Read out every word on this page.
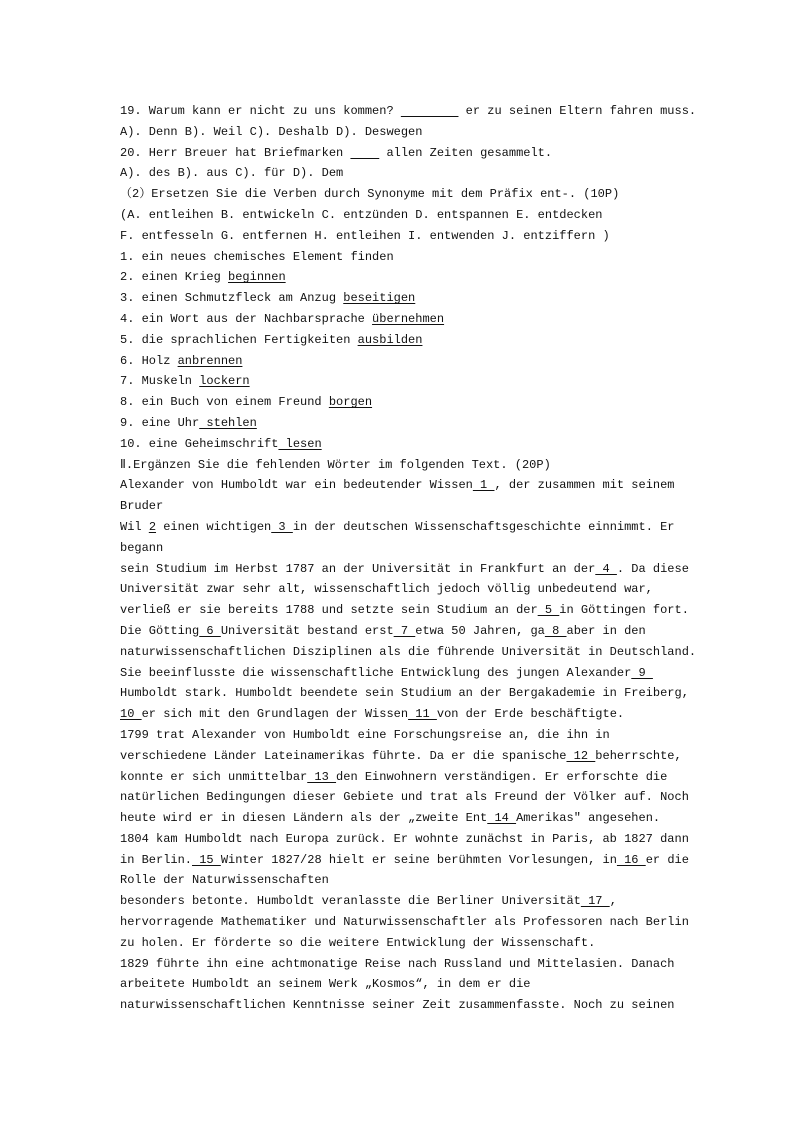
19. Warum kann er nicht zu uns kommen?	er zu seinen Eltern fahren muss.
A). Denn B). Weil C). Deshalb D). Deswegen
20. Herr Breuer hat Briefmarken      allen Zeiten gesammelt.
A). des B). aus C). für D). Dem
（2）Ersetzen Sie die Verben durch Synonyme mit dem Präfix ent-. (10P)
(A. entleihen B. entwickeln C. entzünden D. entspannen E. entdecken
F. entfesseln G. entfernen H. entleihen I. entwenden J. entziffern )
1. ein neues chemisches Element finden
2. einen Krieg beginnen
3. einen Schmutzfleck am Anzug beseitigen
4. ein Wort aus der Nachbarsprache übernehmen
5. die sprachlichen Fertigkeiten ausbilden
6. Holz anbrennen
7. Muskeln lockern
8. ein Buch von einem Freund borgen
9. eine Uhr stehlen
10. eine Geheimschrift lesen
Ⅱ.Ergänzen Sie die fehlenden Wörter im folgenden Text. (20P)
Alexander von Humboldt war ein bedeutender Wissen 1 , der zusammen mit seinem
Bruder
Wil 2 einen wichtigen 3 in der deutschen Wissenschaftsgeschichte einnimmt. Er
begann
sein Studium im Herbst 1787 an der Universität in Frankfurt an der 4 . Da diese
Universität zwar sehr alt, wissenschaftlich jedoch völlig unbedeutend war,
verließ er sie bereits 1788 und setzte sein Studium an der 5 in Göttingen fort.
Die Götting 6 Universität bestand erst 7 etwa 50 Jahren, ga 8 aber in den
naturwissenschaftlichen Disziplinen als die führende Universität in Deutschland.
Sie beeinflusste die wissenschaftliche Entwicklung des jungen Alexander 9
Humboldt stark. Humboldt beendete sein Studium an der Bergakademie in Freiberg,
10 er sich mit den Grundlagen der Wissen 11 von der Erde beschäftigte.
1799 trat Alexander von Humboldt eine Forschungsreise an, die ihn in
verschiedene Länder Lateinamerikas führte. Da er die spanische 12 beherrschte,
konnte er sich unmittelbar 13 den Einwohnern verständigen. Er erforschte die
natürlichen Bedingungen dieser Gebiete und trat als Freund der Völker auf. Noch
heute wird er in diesen Ländern als der „zweite Ent 14 Amerikas″ angesehen.
1804 kam Humboldt nach Europa zurück. Er wohnte zunächst in Paris, ab 1827 dann
in Berlin. 15 Winter 1827/28 hielt er seine berühmten Vorlesungen, in 16 er die
Rolle der Naturwissenschaften
besonders betonte. Humboldt veranlasste die Berliner Universität 17 ,
hervorragende Mathematiker und Naturwissenschaftler als Professoren nach Berlin
zu holen. Er förderte so die weitere Entwicklung der Wissenschaft.
1829 führte ihn eine achtmonatige Reise nach Russland und Mittelasien. Danach
arbeitete Humboldt an seinem Werk „Kosmos“, in dem er die
naturwissenschaftlichen Kenntnisse seiner Zeit zusammenfasste. Noch zu seinen
